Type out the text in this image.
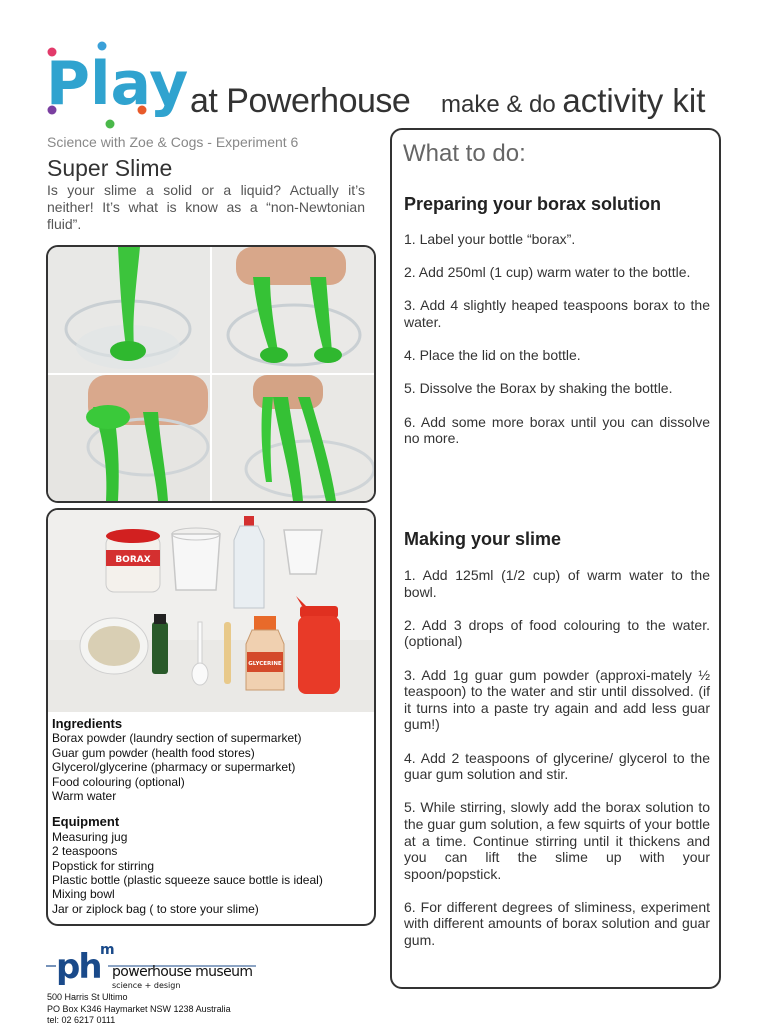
Play at Powerhouse make & do activity kit
Science with Zoe & Cogs - Experiment 6
Super Slime
Is your slime a solid or a liquid? Actually it’s neither! It’s what is know as a “non-Newtonian fluid”.
BORAX
GLYCERINE
Ingredients
Borax powder (laundry section of supermarket)
Guar gum powder (health food stores)
Glycerol/glycerine (pharmacy or supermarket)
Food colouring (optional)
Warm water
Equipment
Measuring jug
2 teaspoons
Popstick for stirring
Plastic bottle (plastic squeeze sauce bottle is ideal)
Mixing bowl
Jar or ziplock bag ( to store your slime)
ph m
powerhouse museum
science + design
500 Harris St Ultimo
PO Box K346 Haymarket NSW 1238 Australia
tel: 02 6217 0111
What to do:
Preparing your borax solution

1. Label your bottle “borax”.

2. Add 250ml (1 cup) warm water to the bottle.

3. Add 4 slightly heaped teaspoons borax to the water.

4. Place the lid on the bottle.

5. Dissolve the Borax by shaking the bottle.

6. Add some more borax until you can dissolve no more.

Making your slime

1. Add 125ml (1/2 cup) of warm water to the bowl.

2. Add 3 drops of food colouring to the water. (optional)

3. Add 1g guar gum powder (approxi-mately ½ teaspoon) to the water and stir until dissolved. (if it turns into a paste try again and add less guar gum!)

4. Add 2 teaspoons of glycerine/ glycerol to the guar gum solution and stir.

5. While stirring, slowly add the borax solution to the guar gum solution, a few squirts of your bottle at a time. Continue stirring until it thickens and you can lift the slime up with your spoon/popstick.

6. For different degrees of sliminess, experiment with different amounts of borax solution and guar gum.
